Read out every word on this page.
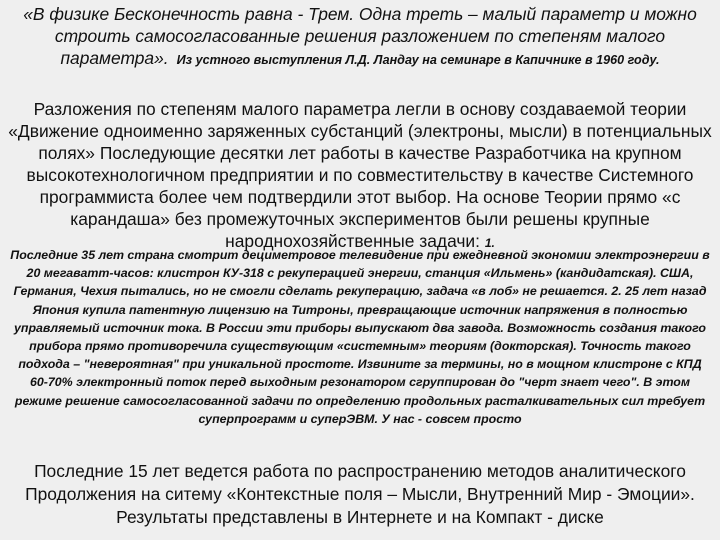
«В физике Бесконечность равна - Трем. Одна треть – малый параметр и можно строить самосогласованные решения разложением по степеням малого параметра». Из устного выступления Л.Д. Ландау на семинаре в Капичнике в 1960 году.
Разложения по степеням малого параметра легли в основу создаваемой теории «Движение одноименно заряженных субстанций (электроны, мысли) в потенциальных полях» Последующие десятки лет работы в качестве Разработчика на крупном высокотехнологичном предприятии и по совместительству в качестве Системного программиста более чем подтвердили этот выбор. На основе Теории прямо «с карандаша» без промежуточных экспериментов были решены крупные народнохозяйственные задачи: 1.
Последние 35 лет страна смотрит дециметровое телевидение при ежедневной экономии электроэнергии в 20 мегаватт-часов: клистрон КУ-318 с рекуперацией энергии, станция «Ильмень» (кандидатская). США, Германия, Чехия пытались, но не смогли сделать рекуперацию, задача «в лоб» не решается. 2. 25 лет назад Япония купила патентную лицензию на Титроны, превращающие источник напряжения в полностью управляемый источник тока. В России эти приборы выпускают два завода. Возможность создания такого прибора прямо противоречила существующим «системным» теориям (докторская). Точность такого подхода – "невероятная" при уникальной простоте. Извините за термины, но в мощном клистроне с КПД 60-70% электронный поток перед выходным резонатором сгруппирован до "черт знает чего". В этом режиме решение самосогласованной задачи по определению продольных расталкивательных сил требует суперпрограмм и суперЭВМ. У нас - совсем просто
Последние 15 лет ведется работа по распространению методов аналитического Продолжения на ситему «Контекстные поля – Мысли, Внутренний Мир - Эмоции». Результаты представлены в Интернете и на Компакт - диске
